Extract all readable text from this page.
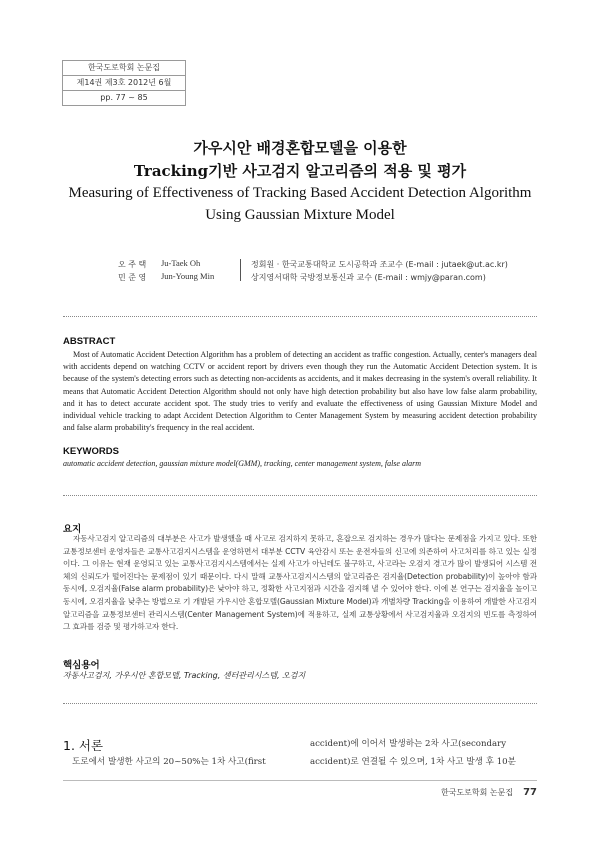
한국도로학회 논문집
제14권 제3호 2012년 6월
pp. 77 ~ 85
가우시안 배경혼합모델을 이용한
Tracking기반 사고검지 알고리즘의 적용 및 평가
Measuring of Effectiveness of Tracking Based Accident Detection Algorithm
Using Gaussian Mixture Model
오 주 택 Ju-Taek Oh	정회원 · 한국교통대학교 도시공학과 조교수 (E-mail : jutaek@ut.ac.kr)
민 준 영 Jun-Young Min	상지영서대학 국방정보통신과 교수 (E-mail : wmjy@paran.com)
ABSTRACT
Most of Automatic Accident Detection Algorithm has a problem of detecting an accident as traffic congestion. Actually, center's managers deal with accidents depend on watching CCTV or accident report by drivers even though they run the Automatic Accident Detection system. It is because of the system's detecting errors such as detecting non-accidents as accidents, and it makes decreasing in the system's overall reliability. It means that Automatic Accident Detection Algorithm should not only have high detection probability but also have low false alarm probability, and it has to detect accurate accident spot. The study tries to verify and evaluate the effectiveness of using Gaussian Mixture Model and individual vehicle tracking to adapt Accident Detection Algorithm to Center Management System by measuring accident detection probability and false alarm probability's frequency in the real accident.
KEYWORDS
automatic accident detection, gaussian mixture model(GMM), tracking, center management system, false alarm
요지
자동사고검지 알고리즘의 대부분은 사고가 발생했을 때 사고로 검지하지 못하고, 혼잡으로 검지하는 경우가 많다는 문제점을 가지고 있다. 또한 교통정보센터 운영자들은 교통사고검지시스템을 운영하면서 대부분 CCTV 육안감시 또는 운전자들의 신고에 의존하여 사고처리를 하고 있는 실정이다. 그 이유는 현재 운영되고 있는 교통사고검지시스템에서는 실제 사고가 아닌데도 불구하고, 사고라는 오검지 경고가 많이 발생되어 시스템 전체의 신뢰도가 떨어진다는 문제점이 있기 때문이다. 다시 말해 교통사고검지시스템의 알고리즘은 검지율(Detection probability)이 높아야 함과 동시에, 오검지율(False alarm probability)은 낮아야 하고, 정확한 사고지점과 시간을 검지해 낼 수 있어야 한다. 이에 본 연구는 검지율을 높이고 동시에, 오검지율을 낮추는 방법으로 기 개발된 가우시안 혼합모델(Gaussian Mixture Model)과 개별차량 Tracking을 이용하여 개발한 사고검지 알고리즘을 교통정보센터 관리시스템(Center Management System)에 적용하고, 실제 교통상황에서 사고검지율과 오검지의 빈도를 측정하여 그 효과를 검증 및 평가하고자 한다.
핵심용어
자동사고검지, 가우시안 혼합모델, Tracking, 센터관리시스템, 오검지
1. 서론
도로에서 발생한 사고의 20~50%는 1차 사고(first
accident)에 이어서 발생하는 2차 사고(secondary
accident)로 연결될 수 있으며, 1차 사고 발생 후 10분
한국도로학회 논문집 77
